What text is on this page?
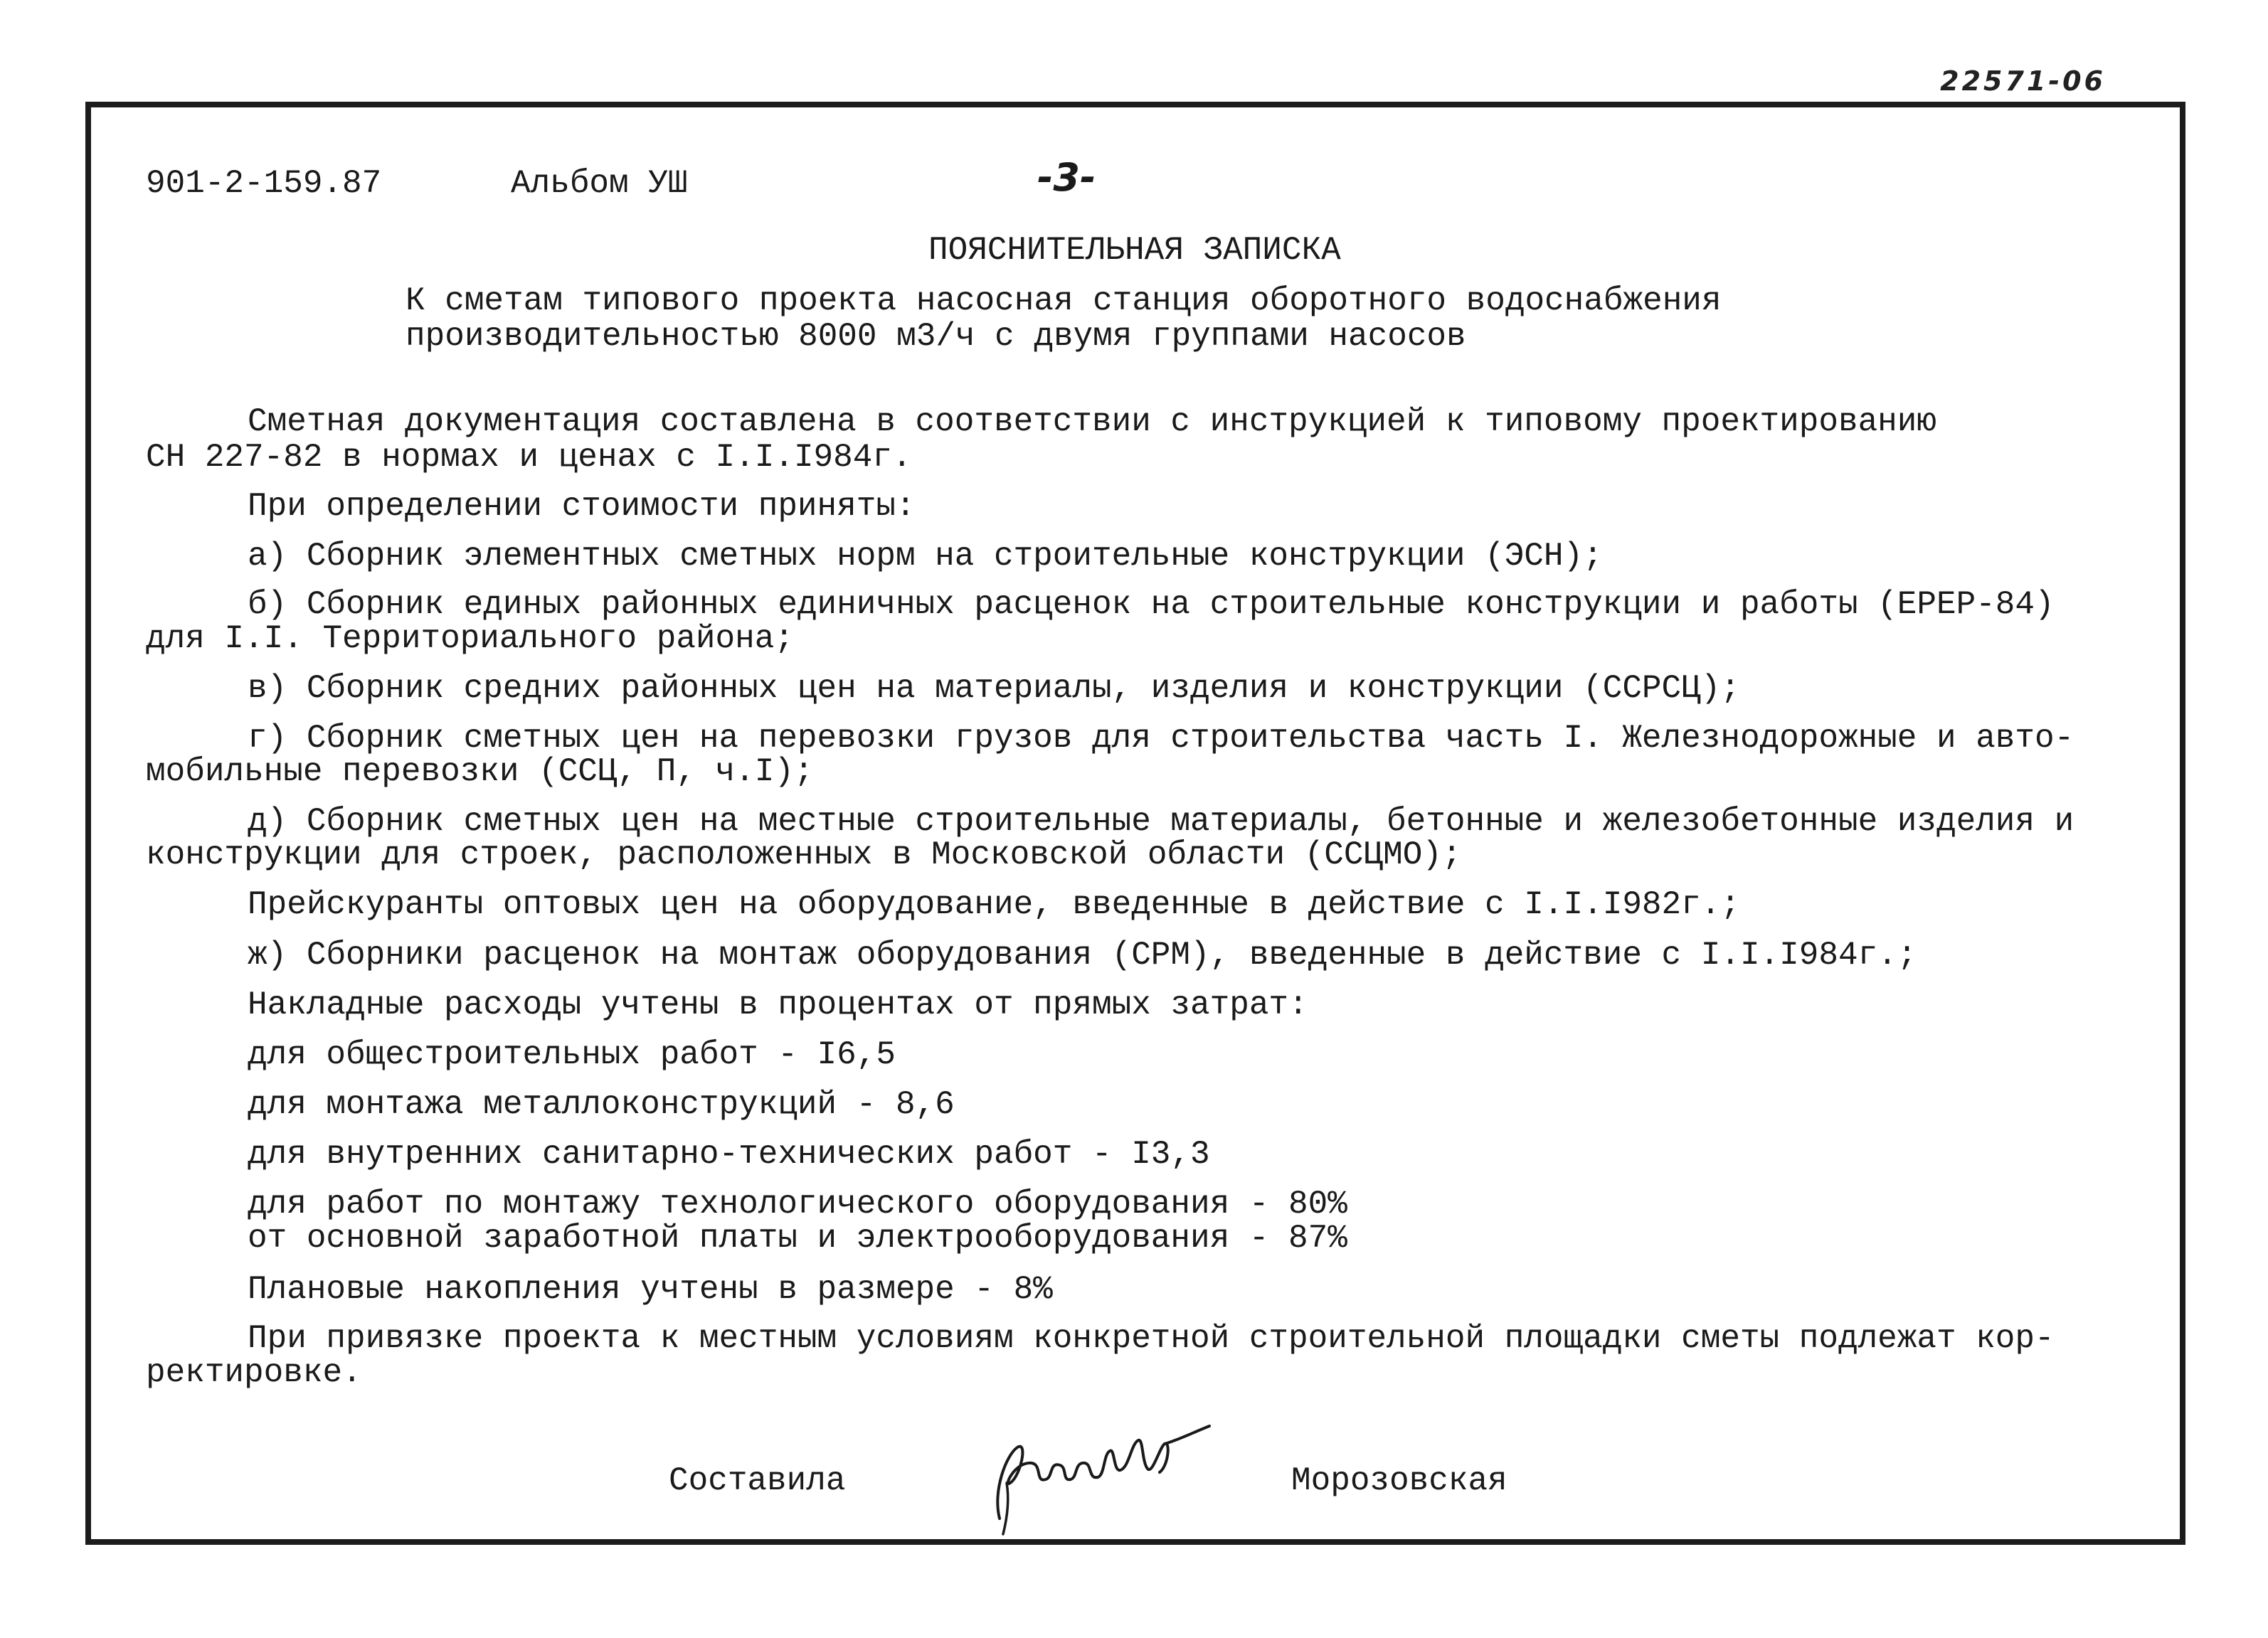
22571-06
901-2-159.87	Альбом УШ	-3-
ПОЯСНИТЕЛЬНАЯ ЗАПИСКА
К сметам типового проекта насосная станция оборотного водоснабжения
производительностью 8000 м3/ч с двумя группами насосов
Сметная документация составлена в соответствии с инструкцией к типовому проектированию
СН 227-82 в нормах и ценах с I.I.I984г.
При определении стоимости приняты:
а) Сборник элементных сметных норм на строительные конструкции (ЭСН);
б) Сборник единых районных единичных расценок на строительные конструкции и работы (ЕРЕР-84)
для I.I. Территориального района;
в) Сборник средних районных цен на материалы, изделия и конструкции (ССРСЦ);
г) Сборник сметных цен на перевозки грузов для строительства часть I. Железнодорожные и авто-
мобильные перевозки (ССЦ, П, ч.I);
д) Сборник сметных цен на местные строительные материалы, бетонные и железобетонные изделия и
конструкции для строек, расположенных в Московской области (ССЦМО);
Прейскуранты оптовых цен на оборудование, введенные в действие с I.I.I982г.;
ж) Сборники расценок на монтаж оборудования (СРМ), введенные в действие с I.I.I984г.;
Накладные расходы учтены в процентах от прямых затрат:
для общестроительных работ - I6,5
для монтажа металлоконструкций - 8,6
для внутренних санитарно-технических работ - I3,3
для работ по монтажу технологического оборудования - 80%
от основной заработной платы и электрооборудования - 87%
Плановые накопления учтены в размере - 8%
При привязке проекта к местным условиям конкретной строительной площадки сметы подлежат кор-
ректировке.
Составила	Морозовская
